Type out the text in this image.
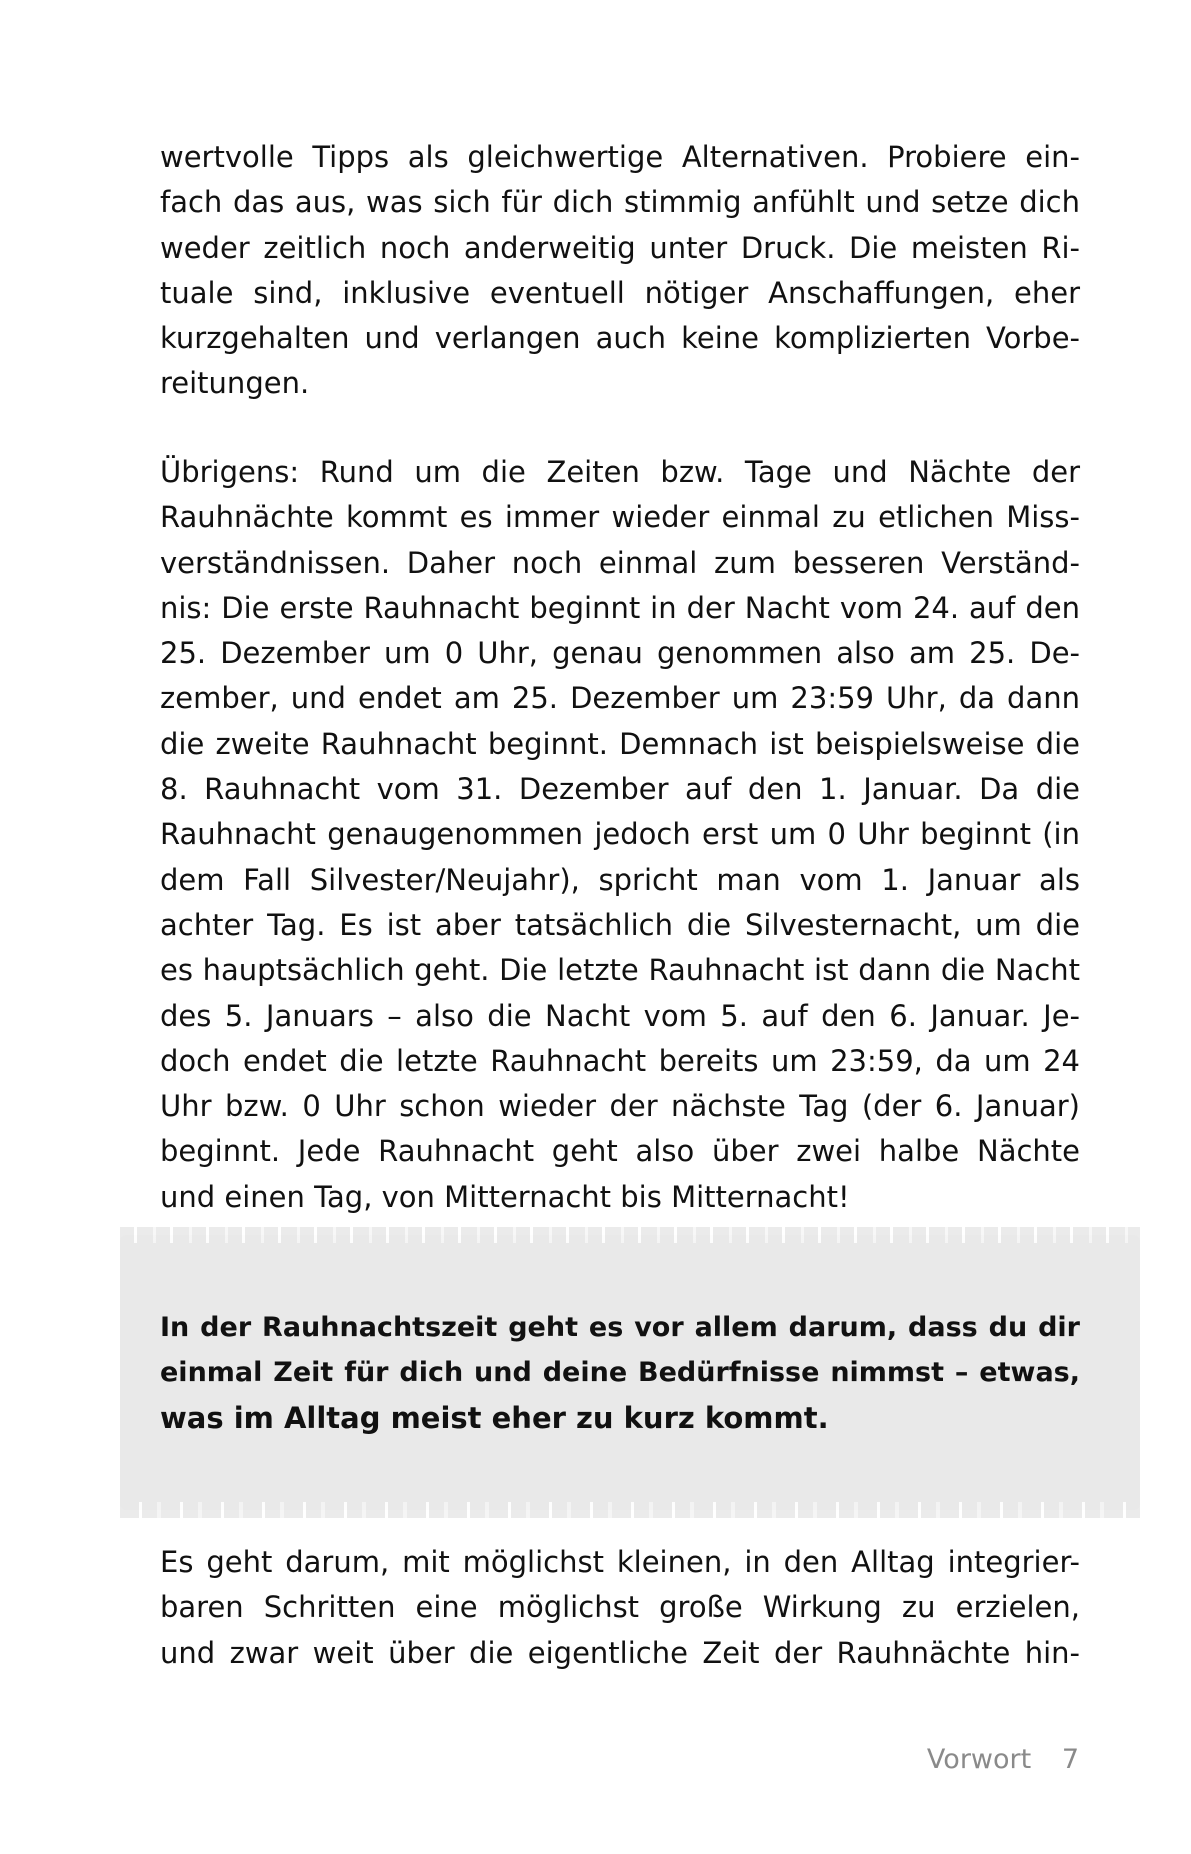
wertvolle Tipps als gleichwertige Alternativen. Probiere ein-
fach das aus, was sich für dich stimmig anfühlt und setze dich
weder zeitlich noch anderweitig unter Druck. Die meisten Ri-
tuale sind, inklusive eventuell nötiger Anschaffungen, eher
kurzgehalten und verlangen auch keine komplizierten Vorbe-
reitungen.
Übrigens: Rund um die Zeiten bzw. Tage und Nächte der
Rauhnächte kommt es immer wieder einmal zu etlichen Miss-
verständnissen. Daher noch einmal zum besseren Verständ-
nis: Die erste Rauhnacht beginnt in der Nacht vom 24. auf den
25. Dezember um 0 Uhr, genau genommen also am 25. De-
zember, und endet am 25. Dezember um 23:59 Uhr, da dann
die zweite Rauhnacht beginnt. Demnach ist beispielsweise die
8. Rauhnacht vom 31. Dezember auf den 1. Januar. Da die
Rauhnacht genaugenommen jedoch erst um 0 Uhr beginnt (in
dem Fall Silvester/Neujahr), spricht man vom 1. Januar als
achter Tag. Es ist aber tatsächlich die Silvesternacht, um die
es hauptsächlich geht. Die letzte Rauhnacht ist dann die Nacht
des 5. Januars – also die Nacht vom 5. auf den 6. Januar. Je-
doch endet die letzte Rauhnacht bereits um 23:59, da um 24
Uhr bzw. 0 Uhr schon wieder der nächste Tag (der 6. Januar)
beginnt. Jede Rauhnacht geht also über zwei halbe Nächte
und einen Tag, von Mitternacht bis Mitternacht!
In der Rauhnachtszeit geht es vor allem darum, dass du dir
einmal Zeit für dich und deine Bedürfnisse nimmst – etwas,
was im Alltag meist eher zu kurz kommt.
Es geht darum, mit möglichst kleinen, in den Alltag integrier-
baren Schritten eine möglichst große Wirkung zu erzielen,
und zwar weit über die eigentliche Zeit der Rauhnächte hin-
Vorwort 7
